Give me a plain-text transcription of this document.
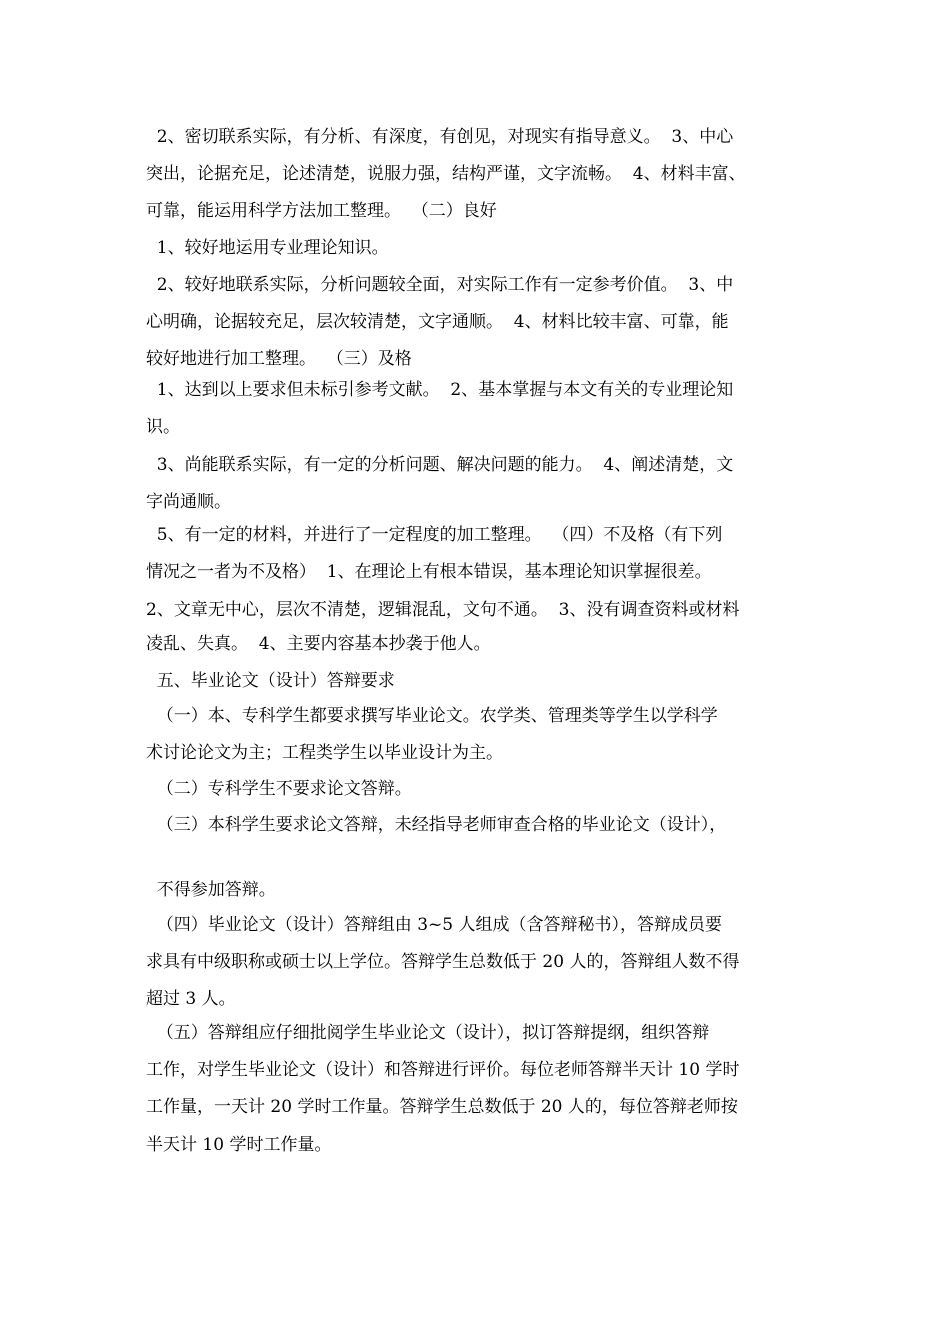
2、密切联系实际，有分析、有深度，有创见，对现实有指导意义。  3、中心

突出，论据充足，论述清楚，说服力强，结构严谨，文字流畅。  4、材料丰富、

可靠，能运用科学方法加工整理。  （二）良好

1、较好地运用专业理论知识。

2、较好地联系实际，分析问题较全面，对实际工作有一定参考价值。  3、中

心明确，论据较充足，层次较清楚，文字通顺。  4、材料比较丰富、可靠，能

较好地进行加工整理。  （三）及格

1、达到以上要求但未标引参考文献。  2、基本掌握与本文有关的专业理论知

识。

3、尚能联系实际，有一定的分析问题、解决问题的能力。  4、阐述清楚，文

字尚通顺。

5、有一定的材料，并进行了一定程度的加工整理。  （四）不及格（有下列

情况之一者为不及格）  1、在理论上有根本错误，基本理论知识掌握很差。

2、文章无中心，层次不清楚，逻辑混乱，文句不通。  3、没有调查资料或材料

凌乱、失真。  4、主要内容基本抄袭于他人。

五、毕业论文（设计）答辩要求

（一）本、专科学生都要求撰写毕业论文。农学类、管理类等学生以学科学

术讨论论文为主；工程类学生以毕业设计为主。

（二）专科学生不要求论文答辩。

（三）本科学生要求论文答辩，未经指导老师审查合格的毕业论文（设计），

不得参加答辩。

（四）毕业论文（设计）答辩组由 3~5 人组成（含答辩秘书），答辩成员要

求具有中级职称或硕士以上学位。答辩学生总数低于 20 人的，答辩组人数不得

超过 3 人。

（五）答辩组应仔细批阅学生毕业论文（设计），拟订答辩提纲，组织答辩

工作，对学生毕业论文（设计）和答辩进行评价。每位老师答辩半天计 10 学时

工作量，一天计 20 学时工作量。答辩学生总数低于 20 人的，每位答辩老师按

半天计 10 学时工作量。
